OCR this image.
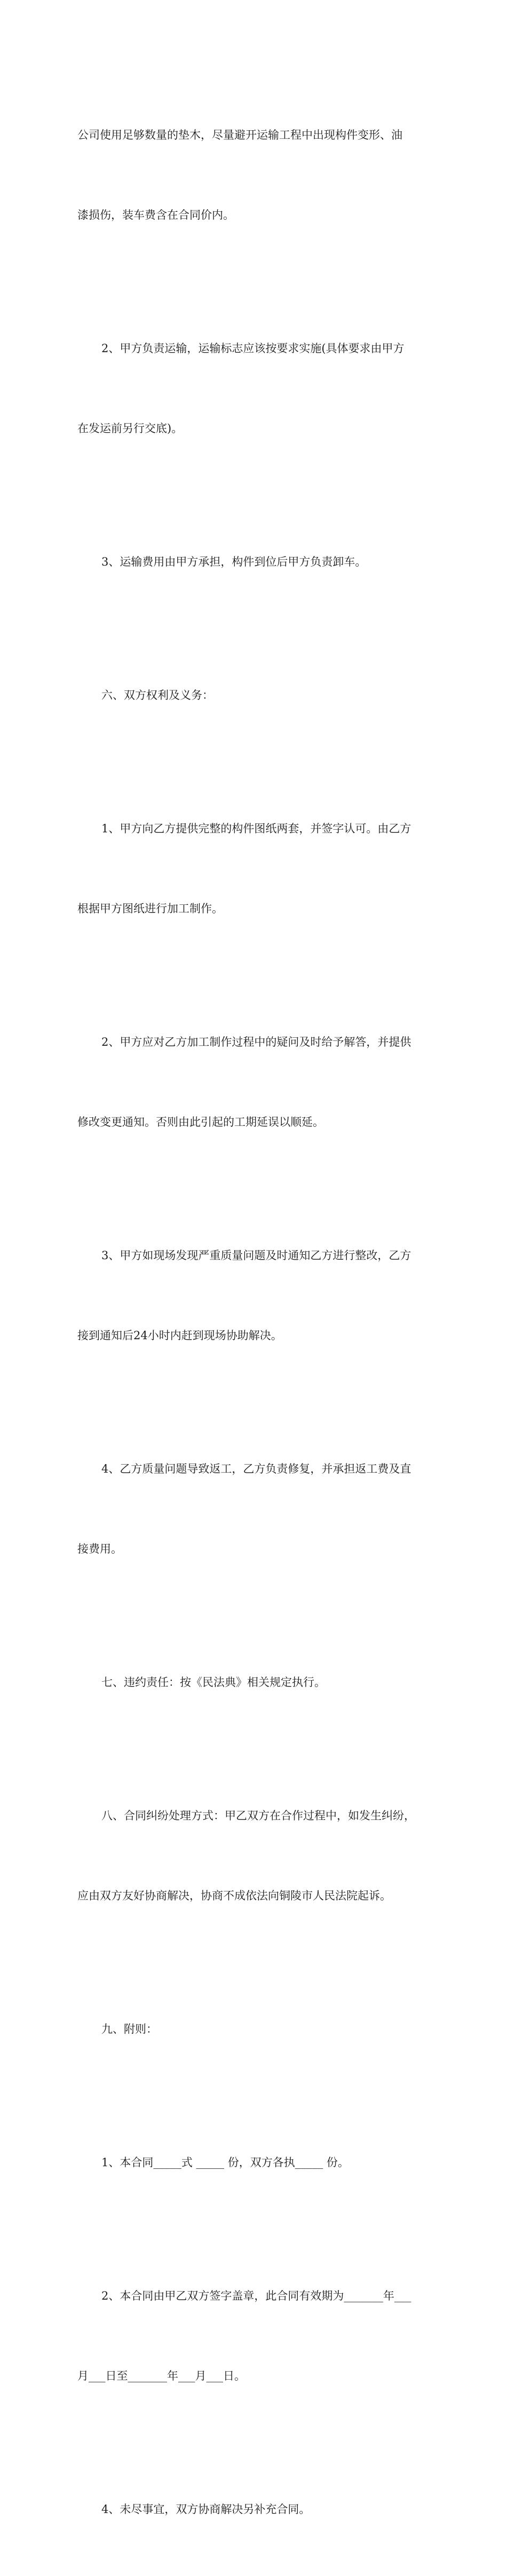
公司使用足够数量的垫木，尽量避开运输工程中出现构件变形、油

漆损伤，装车费含在合同价内。

2、甲方负责运输，运输标志应该按要求实施(具体要求由甲方

在发运前另行交底)。

3、运输费用由甲方承担，构件到位后甲方负责卸车。

六、双方权利及义务：

1、甲方向乙方提供完整的构件图纸两套，并签字认可。由乙方

根据甲方图纸进行加工制作。

2、甲方应对乙方加工制作过程中的疑问及时给予解答，并提供

修改变更通知。否则由此引起的工期延误以顺延。

3、甲方如现场发现严重质量问题及时通知乙方进行整改，乙方

接到通知后24小时内赶到现场协助解决。

4、乙方质量问题导致返工，乙方负责修复，并承担返工费及直

接费用。

七、违约责任：按《民法典》相关规定执行。

八、合同纠纷处理方式：甲乙双方在合作过程中，如发生纠纷，

应由双方友好协商解决，协商不成依法向铜陵市人民法院起诉。

九、附则：

1、本合同_____式 _____ 份，双方各执_____ 份。

2、本合同由甲乙双方签字盖章，此合同有效期为_______年___

月___日至_______年___月___日。

4、未尽事宜，双方协商解决另补充合同。
